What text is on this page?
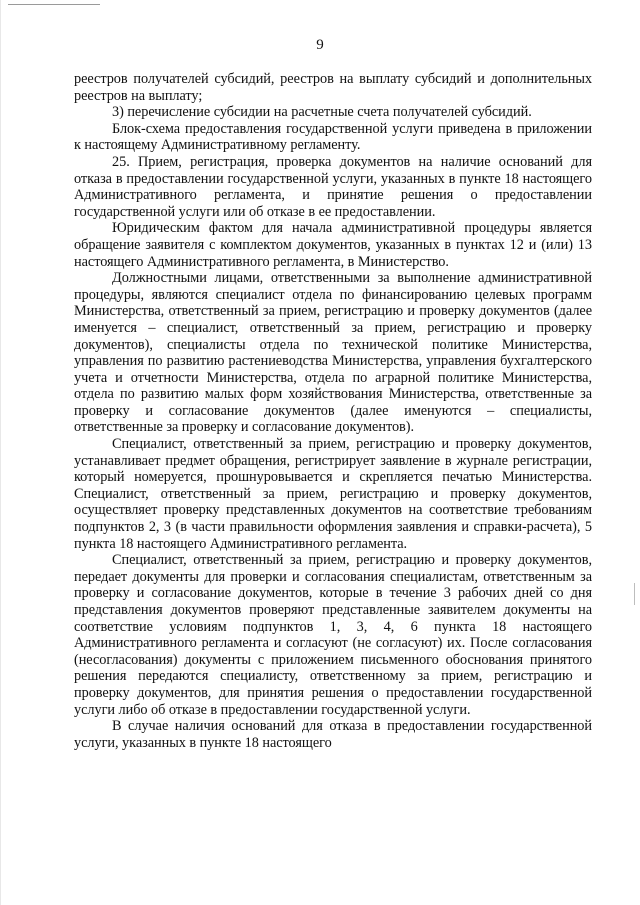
9

реестров получателей субсидий, реестров на выплату субсидий и дополнительных реестров на выплату;

3) перечисление субсидии на расчетные счета получателей субсидий.

Блок-схема предоставления государственной услуги приведена в приложении к настоящему Административному регламенту.

25. Прием, регистрация, проверка документов на наличие оснований для отказа в предоставлении государственной услуги, указанных в пункте 18 настоящего Административного регламента, и принятие решения о предоставлении государственной услуги или об отказе в ее предоставлении.

Юридическим фактом для начала административной процедуры является обращение заявителя с комплектом документов, указанных в пунктах 12 и (или) 13 настоящего Административного регламента, в Министерство.

Должностными лицами, ответственными за выполнение административной процедуры, являются специалист отдела по финансированию целевых программ Министерства, ответственный за прием, регистрацию и проверку документов (далее именуется – специалист, ответственный за прием, регистрацию и проверку документов), специалисты отдела по технической политике Министерства, управления по развитию растениеводства Министерства, управления бухгалтерского учета и отчетности Министерства, отдела по аграрной политике Министерства, отдела по развитию малых форм хозяйствования Министерства, ответственные за проверку и согласование документов (далее именуются – специалисты, ответственные за проверку и согласование документов).

Специалист, ответственный за прием, регистрацию и проверку документов, устанавливает предмет обращения, регистрирует заявление в журнале регистрации, который номеруется, прошнуровывается и скрепляется печатью Министерства. Специалист, ответственный за прием, регистрацию и проверку документов, осуществляет проверку представленных документов на соответствие требованиям подпунктов 2, 3 (в части правильности оформления заявления и справки-расчета), 5 пункта 18 настоящего Административного регламента.

Специалист, ответственный за прием, регистрацию и проверку документов, передает документы для проверки и согласования специалистам, ответственным за проверку и согласование документов, которые в течение 3 рабочих дней со дня представления документов проверяют представленные заявителем документы на соответствие условиям подпунктов 1, 3, 4, 6 пункта 18 настоящего Административного регламента и согласуют (не согласуют) их. После согласования (несогласования) документы с приложением письменного обоснования принятого решения передаются специалисту, ответственному за прием, регистрацию и проверку документов, для принятия решения о предоставлении государственной услуги либо об отказе в предоставлении государственной услуги.

В случае наличия оснований для отказа в предоставлении государственной услуги, указанных в пункте 18 настоящего
